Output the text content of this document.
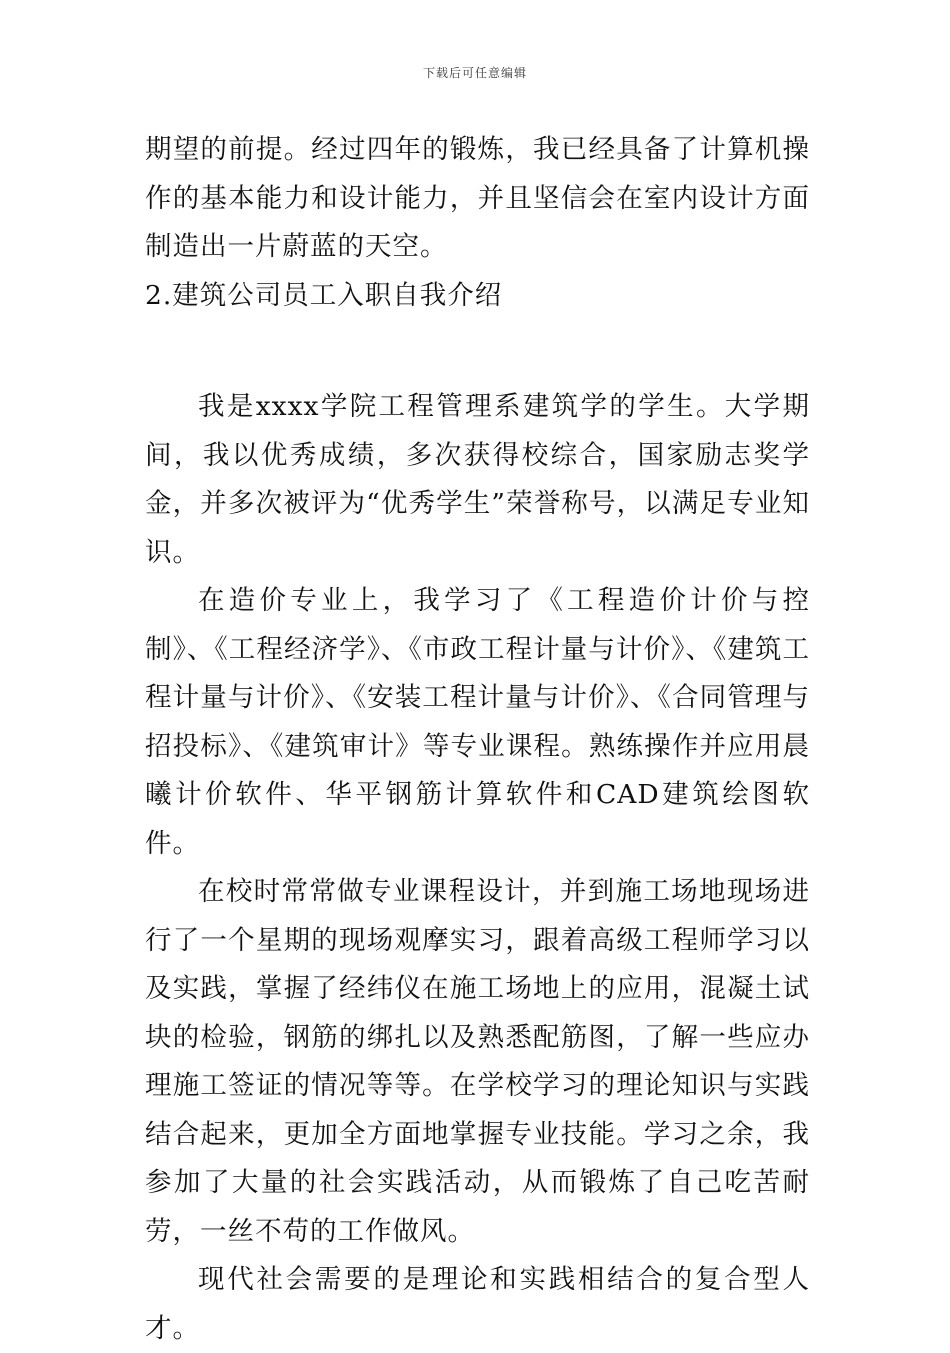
下载后可任意编辑

期望的前提。经过四年的锻炼，我已经具备了计算机操作的基本能力和设计能力，并且坚信会在室内设计方面制造出一片蔚蓝的天空。

2.建筑公司员工入职自我介绍

我是xxxx学院工程管理系建筑学的学生。大学期间，我以优秀成绩，多次获得校综合，国家励志奖学金，并多次被评为“优秀学生”荣誉称号，以满足专业知识。

在造价专业上，我学习了《工程造价计价与控制》、《工程经济学》、《市政工程计量与计价》、《建筑工程计量与计价》、《安装工程计量与计价》、《合同管理与招投标》、《建筑审计》等专业课程。熟练操作并应用晨曦计价软件、华平钢筋计算软件和CAD建筑绘图软件。

在校时常常做专业课程设计，并到施工场地现场进行了一个星期的现场观摩实习，跟着高级工程师学习以及实践，掌握了经纬仪在施工场地上的应用，混凝土试块的检验，钢筋的绑扎以及熟悉配筋图，了解一些应办理施工签证的情况等等。在学校学习的理论知识与实践结合起来，更加全方面地掌握专业技能。学习之余，我参加了大量的社会实践活动，从而锻炼了自己吃苦耐劳，一丝不苟的工作做风。

现代社会需要的是理论和实践相结合的复合型人才。
